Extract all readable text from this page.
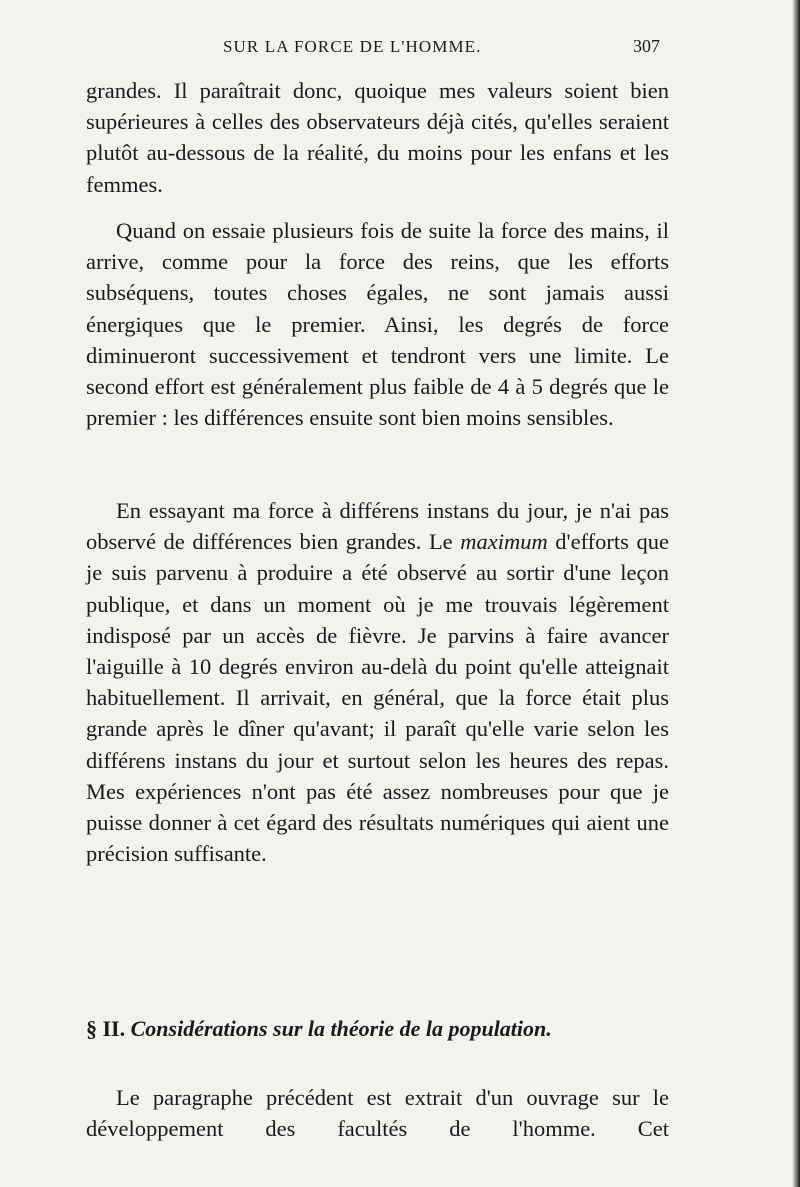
SUR LA FORCE DE L'HOMME.	307

grandes. Il paraîtrait donc, quoique mes valeurs soient bien supérieures à celles des observateurs déjà cités, qu'elles seraient plutôt au-dessous de la réalité, du moins pour les enfans et les femmes.

Quand on essaie plusieurs fois de suite la force des mains, il arrive, comme pour la force des reins, que les efforts subséquens, toutes choses égales, ne sont jamais aussi énergiques que le premier. Ainsi, les degrés de force diminueront successivement et tendront vers une limite. Le second effort est généralement plus faible de 4 à 5 degrés que le premier : les différences ensuite sont bien moins sensibles.

En essayant ma force à différens instans du jour, je n'ai pas observé de différences bien grandes. Le maximum d'efforts que je suis parvenu à produire a été observé au sortir d'une leçon publique, et dans un moment où je me trouvais légèrement indisposé par un accès de fièvre. Je parvins à faire avancer l'aiguille à 10 degrés environ au-delà du point qu'elle atteignait habituellement. Il arrivait, en général, que la force était plus grande après le dîner qu'avant; il paraît qu'elle varie selon les différens instans du jour et surtout selon les heures des repas. Mes expériences n'ont pas été assez nombreuses pour que je puisse donner à cet égard des résultats numériques qui aient une précision suffisante.

§ II. Considérations sur la théorie de la population.

Le paragraphe précédent est extrait d'un ouvrage sur le développement des facultés de l'homme. Cet
